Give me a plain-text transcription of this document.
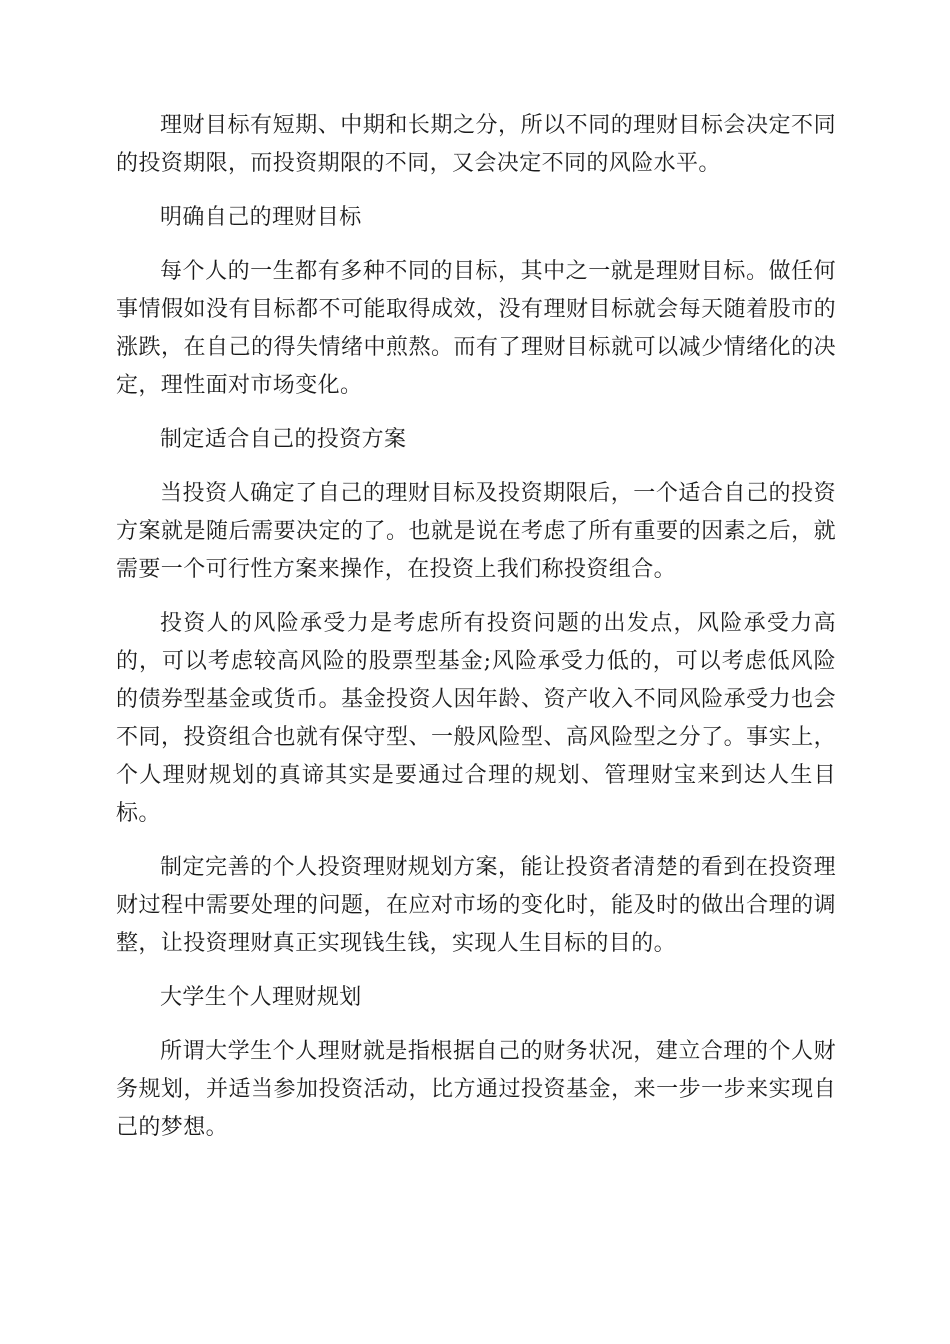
理财目标有短期、中期和长期之分，所以不同的理财目标会决定不同的投资期限，而投资期限的不同，又会决定不同的风险水平。

明确自己的理财目标

每个人的一生都有多种不同的目标，其中之一就是理财目标。做任何事情假如没有目标都不可能取得成效，没有理财目标就会每天随着股市的涨跌，在自己的得失情绪中煎熬。而有了理财目标就可以减少情绪化的决定，理性面对市场变化。

制定适合自己的投资方案

当投资人确定了自己的理财目标及投资期限后，一个适合自己的投资方案就是随后需要决定的了。也就是说在考虑了所有重要的因素之后，就需要一个可行性方案来操作，在投资上我们称投资组合。

投资人的风险承受力是考虑所有投资问题的出发点，风险承受力高的，可以考虑较高风险的股票型基金;风险承受力低的，可以考虑低风险的债券型基金或货币。基金投资人因年龄、资产收入不同风险承受力也会不同，投资组合也就有保守型、一般风险型、高风险型之分了。事实上，个人理财规划的真谛其实是要通过合理的规划、管理财宝来到达人生目标。

制定完善的个人投资理财规划方案，能让投资者清楚的看到在投资理财过程中需要处理的问题，在应对市场的变化时，能及时的做出合理的调整，让投资理财真正实现钱生钱，实现人生目标的目的。

大学生个人理财规划

所谓大学生个人理财就是指根据自己的财务状况，建立合理的个人财务规划，并适当参加投资活动，比方通过投资基金，来一步一步来实现自己的梦想。
